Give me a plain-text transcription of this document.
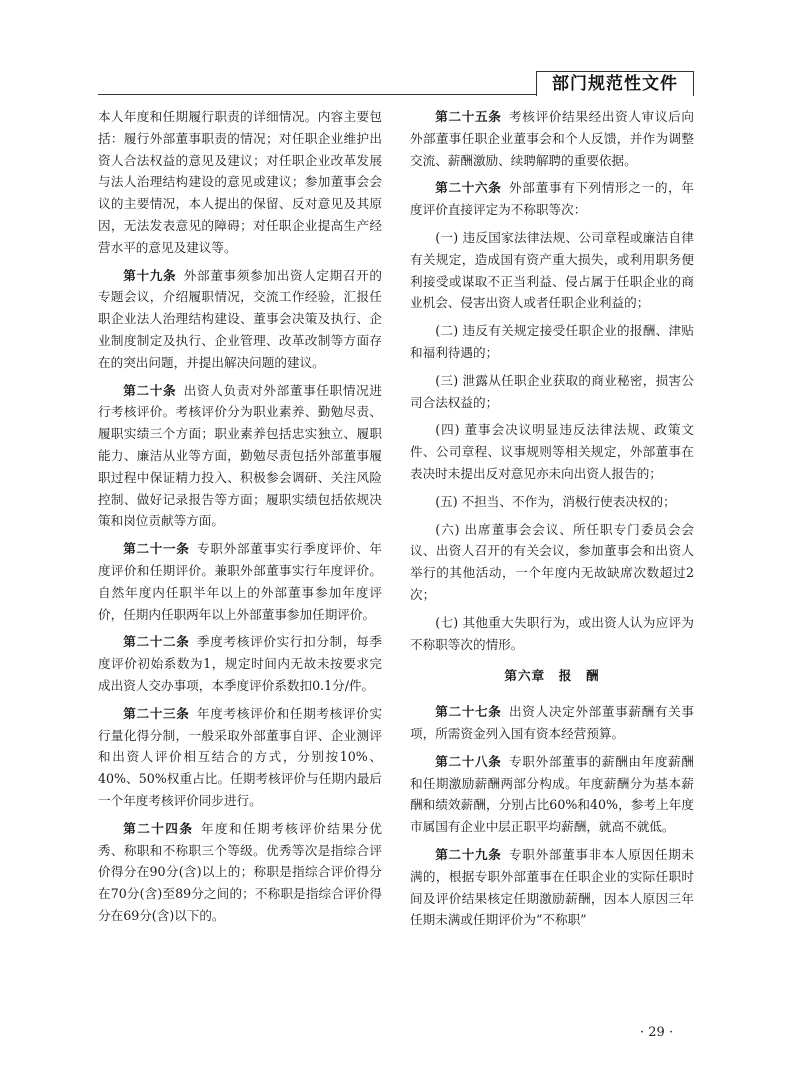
部门规范性文件

本人年度和任期履行职责的详细情况。内容主要包括：履行外部董事职责的情况；对任职企业维护出资人合法权益的意见及建议；对任职企业改革发展与法人治理结构建设的意见或建议；参加董事会会议的主要情况，本人提出的保留、反对意见及其原因，无法发表意见的障碍；对任职企业提高生产经营水平的意见及建议等。

第十九条 外部董事须参加出资人定期召开的专题会议，介绍履职情况，交流工作经验，汇报任职企业法人治理结构建设、董事会决策及执行、企业制度制定及执行、企业管理、改革改制等方面存在的突出问题，并提出解决问题的建议。

第二十条 出资人负责对外部董事任职情况进行考核评价。考核评价分为职业素养、勤勉尽责、履职实绩三个方面；职业素养包括忠实独立、履职能力、廉洁从业等方面，勤勉尽责包括外部董事履职过程中保证精力投入、积极参会调研、关注风险控制、做好记录报告等方面；履职实绩包括依规决策和岗位贡献等方面。

第二十一条 专职外部董事实行季度评价、年度评价和任期评价。兼职外部董事实行年度评价。自然年度内任职半年以上的外部董事参加年度评价，任期内任职两年以上外部董事参加任期评价。

第二十二条 季度考核评价实行扣分制，每季度评价初始系数为1，规定时间内无故未按要求完成出资人交办事项，本季度评价系数扣0.1分/件。

第二十三条 年度考核评价和任期考核评价实行量化得分制，一般采取外部董事自评、企业测评和出资人评价相互结合的方式，分别按10%、40%、50%权重占比。任期考核评价与任期内最后一个年度考核评价同步进行。

第二十四条 年度和任期考核评价结果分优秀、称职和不称职三个等级。优秀等次是指综合评价得分在90分(含)以上的；称职是指综合评价得分在70分(含)至89分之间的；不称职是指综合评价得分在69分(含)以下的。

第二十五条 考核评价结果经出资人审议后向外部董事任职企业董事会和个人反馈，并作为调整交流、薪酬激励、续聘解聘的重要依据。

第二十六条 外部董事有下列情形之一的，年度评价直接评定为不称职等次：

(一) 违反国家法律法规、公司章程或廉洁自律有关规定，造成国有资产重大损失，或利用职务便利接受或谋取不正当利益、侵占属于任职企业的商业机会、侵害出资人或者任职企业利益的；

(二) 违反有关规定接受任职企业的报酬、津贴和福利待遇的；

(三) 泄露从任职企业获取的商业秘密，损害公司合法权益的；

(四) 董事会决议明显违反法律法规、政策文件、公司章程、议事规则等相关规定，外部董事在表决时未提出反对意见亦未向出资人报告的；

(五) 不担当、不作为，消极行使表决权的；

(六) 出席董事会会议、所任职专门委员会会议、出资人召开的有关会议，参加董事会和出资人举行的其他活动，一个年度内无故缺席次数超过2次；

(七) 其他重大失职行为，或出资人认为应评为不称职等次的情形。

第六章　报　酬

第二十七条 出资人决定外部董事薪酬有关事项，所需资金列入国有资本经营预算。

第二十八条 专职外部董事的薪酬由年度薪酬和任期激励薪酬两部分构成。年度薪酬分为基本薪酬和绩效薪酬，分别占比60%和40%，参考上年度市属国有企业中层正职平均薪酬，就高不就低。

第二十九条 专职外部董事非本人原因任期未满的，根据专职外部董事在任职企业的实际任职时间及评价结果核定任期激励薪酬，因本人原因三年任期未满或任期评价为“不称职”

· 29 ·
